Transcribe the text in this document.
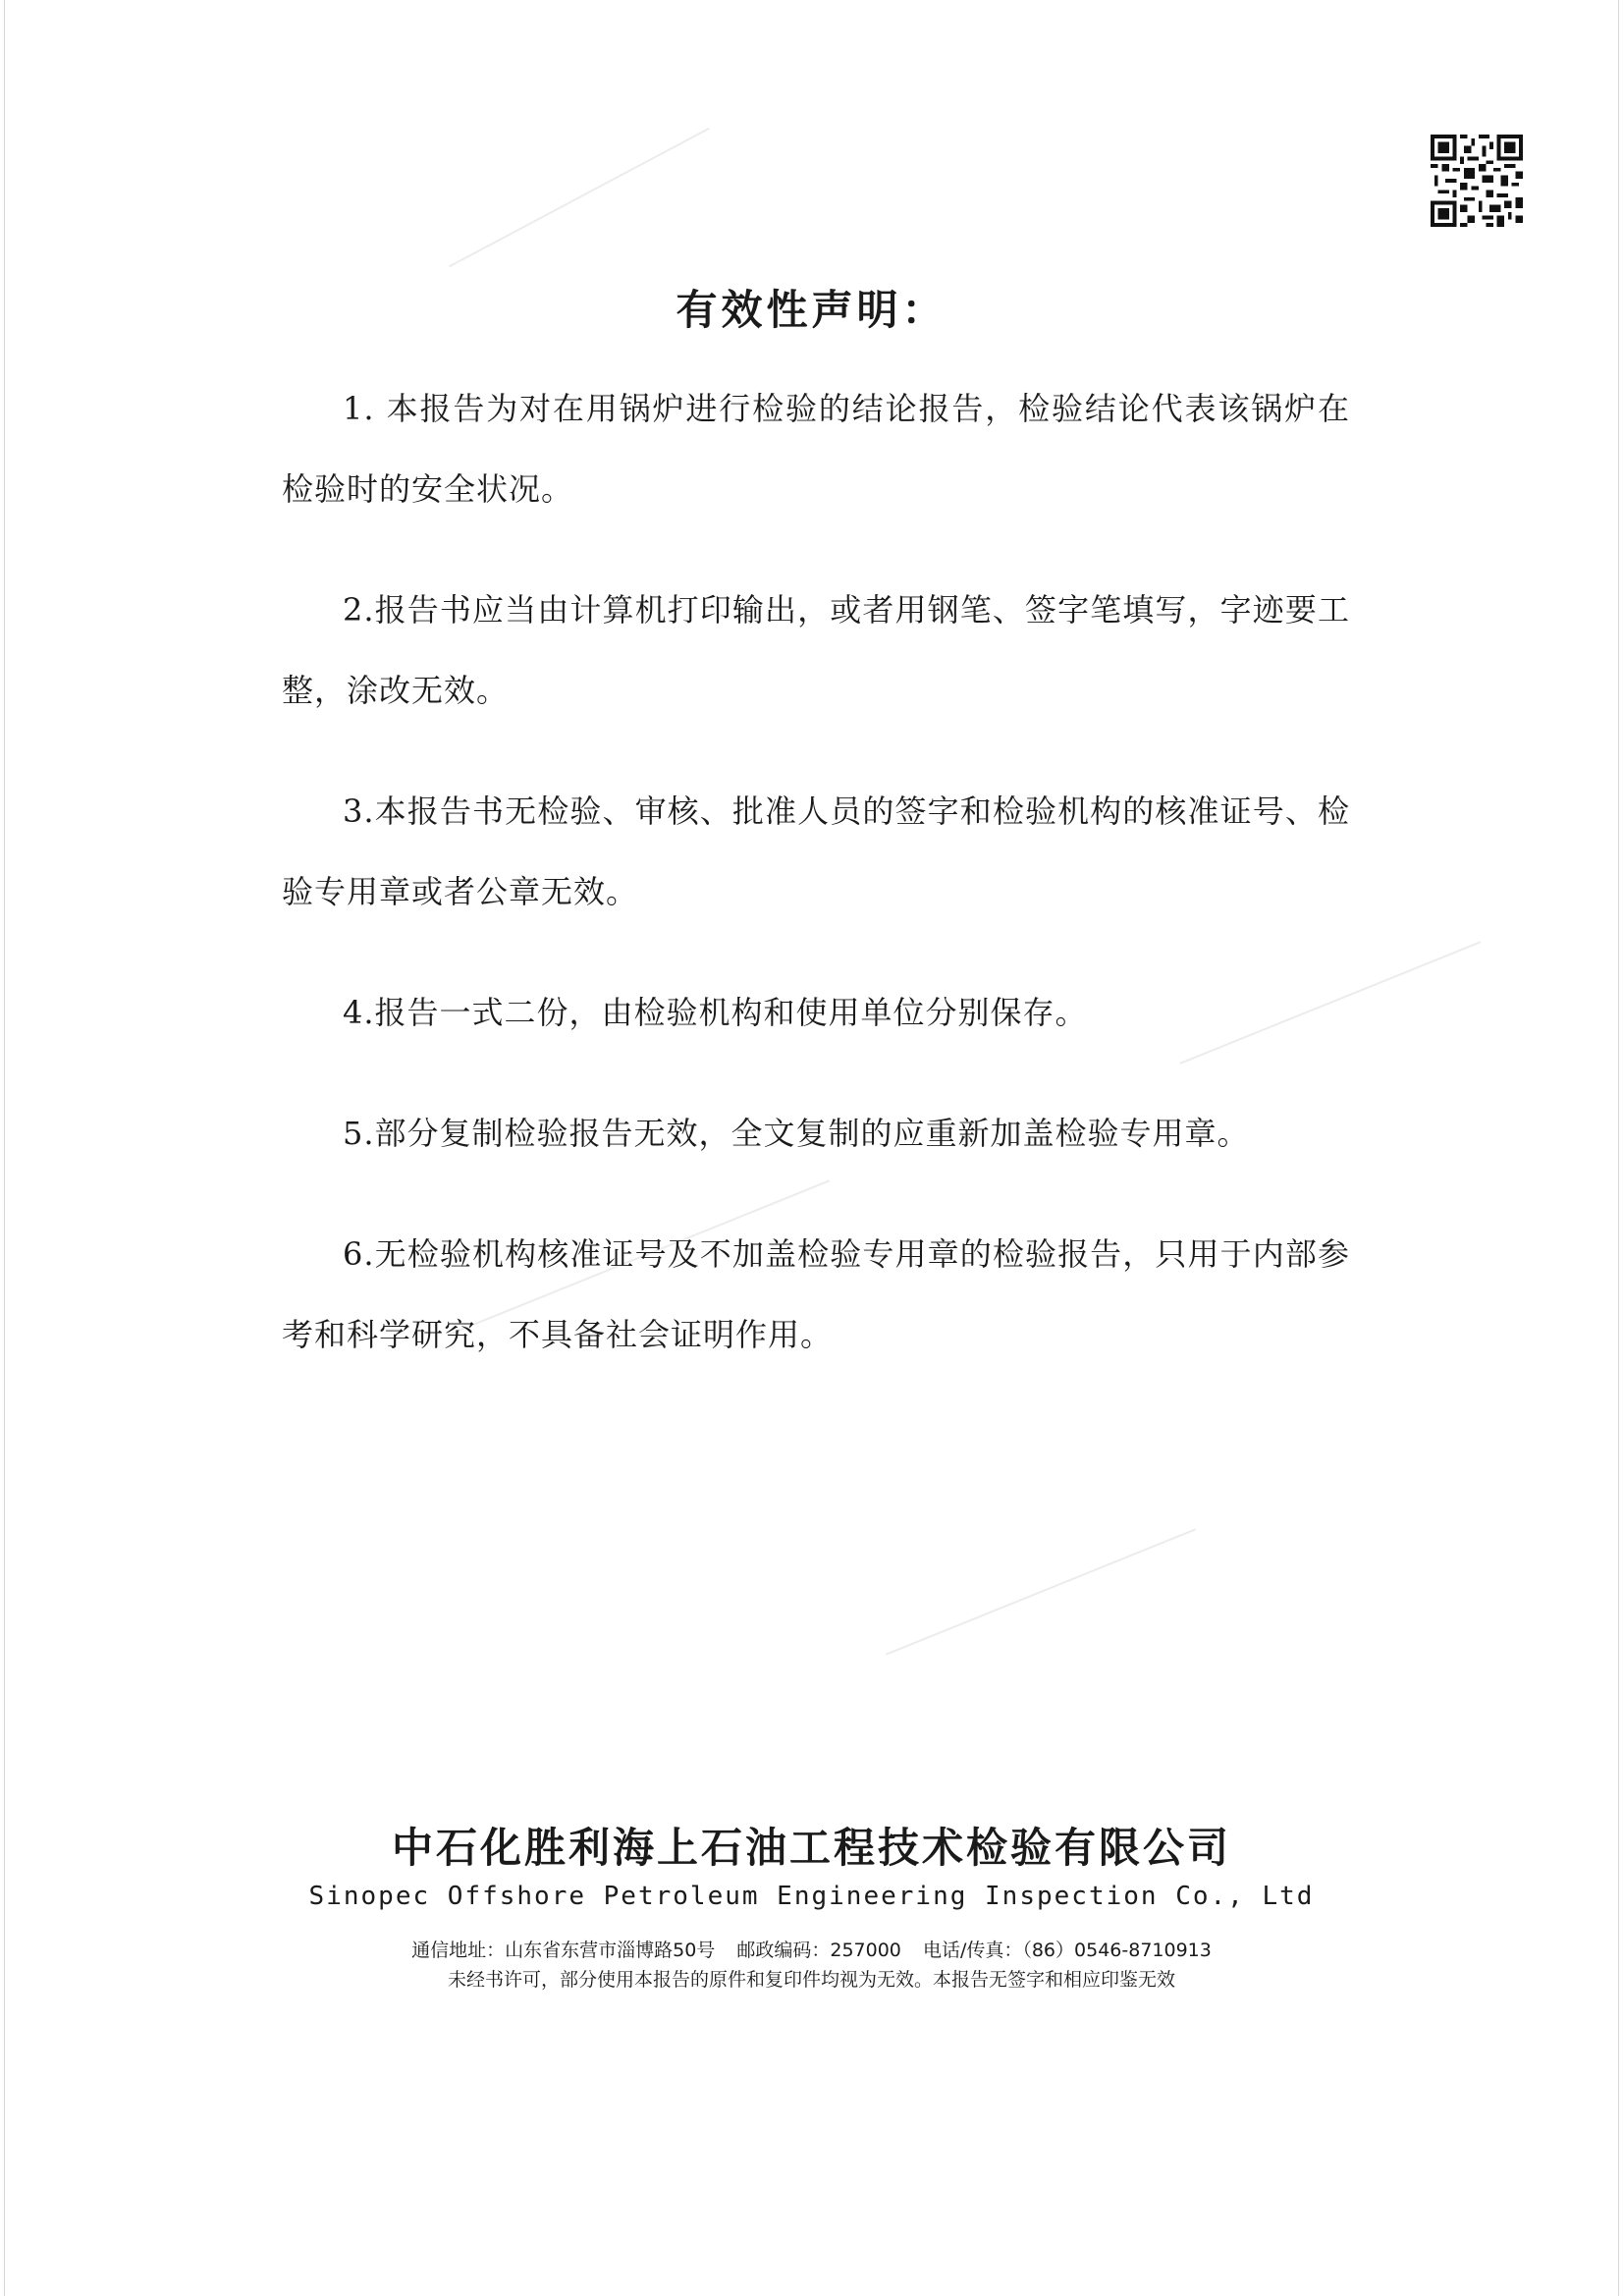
有效性声明：

1. 本报告为对在用锅炉进行检验的结论报告，检验结论代表该锅炉在检验时的安全状况。

2.报告书应当由计算机打印输出，或者用钢笔、签字笔填写，字迹要工整，涂改无效。

3.本报告书无检验、审核、批准人员的签字和检验机构的核准证号、检验专用章或者公章无效。

4.报告一式二份，由检验机构和使用单位分别保存。

5.部分复制检验报告无效，全文复制的应重新加盖检验专用章。

6.无检验机构核准证号及不加盖检验专用章的检验报告，只用于内部参考和科学研究，不具备社会证明作用。

中石化胜利海上石油工程技术检验有限公司
Sinopec Offshore Petroleum Engineering Inspection Co., Ltd
通信地址：山东省东营市淄博路50号 邮政编码：257000 电话/传真：（86）0546-8710913
未经书许可，部分使用本报告的原件和复印件均视为无效。本报告无签字和相应印鉴无效
